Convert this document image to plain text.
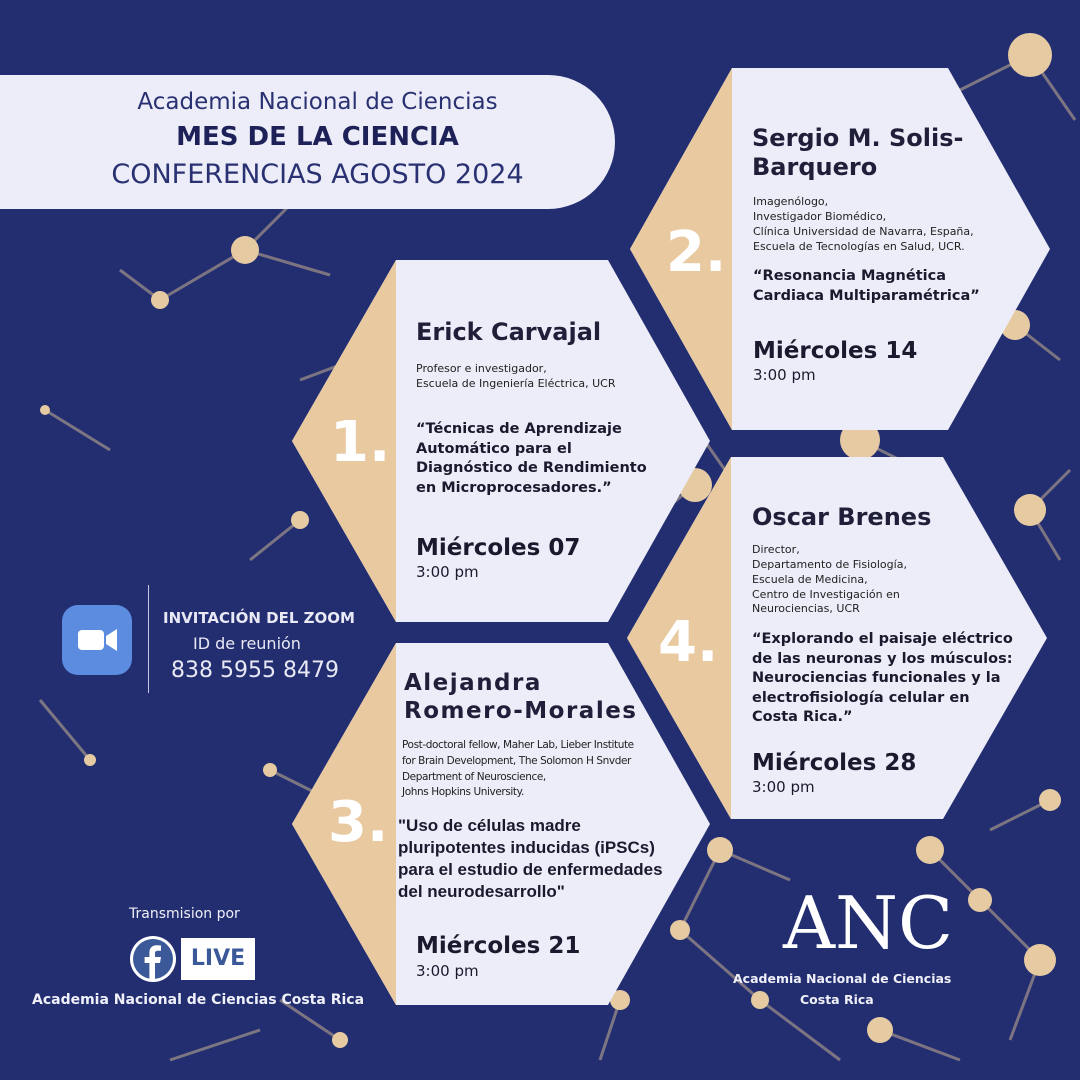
Academia Nacional de Ciencias
MES DE LA CIENCIA
CONFERENCIAS AGOSTO 2024
2.
Sergio M. Solis-
Barquero
Imagenólogo,
Investigador Biomédico,
Clínica Universidad de Navarra, España,
Escuela de Tecnologías en Salud, UCR.
“Resonancia Magnética
Cardiaca Multiparamétrica”
Miércoles 14
3:00 pm
1.
Erick Carvajal
Profesor e investigador,
Escuela de Ingeniería Eléctrica, UCR
“Técnicas de Aprendizaje
Automático para el
Diagnóstico de Rendimiento
en Microprocesadores.”
Miércoles 07
3:00 pm
4.
Oscar Brenes
Director,
Departamento de Fisiología,
Escuela de Medicina,
Centro de Investigación en
Neurociencias, UCR
“Explorando el paisaje eléctrico
de las neuronas y los músculos:
Neurociencias funcionales y la
electrofisiología celular en
Costa Rica.”
Miércoles 28
3:00 pm
3.
Alejandra
Romero-Morales
Post-doctoral fellow, Maher Lab, Lieber Institute
for Brain Development, The Solomon H Snvder
Department of Neuroscience,
Johns Hopkins University.
"Uso de células madre
pluripotentes inducidas (iPSCs)
para el estudio de enfermedades
del neurodesarrollo"
Miércoles 21
3:00 pm
INVITACIÓN DEL ZOOM
ID de reunión
838 5955 8479
Transmision por
LIVE
Academia Nacional de Ciencias Costa Rica
ANC
Academia Nacional de Ciencias
Costa Rica
